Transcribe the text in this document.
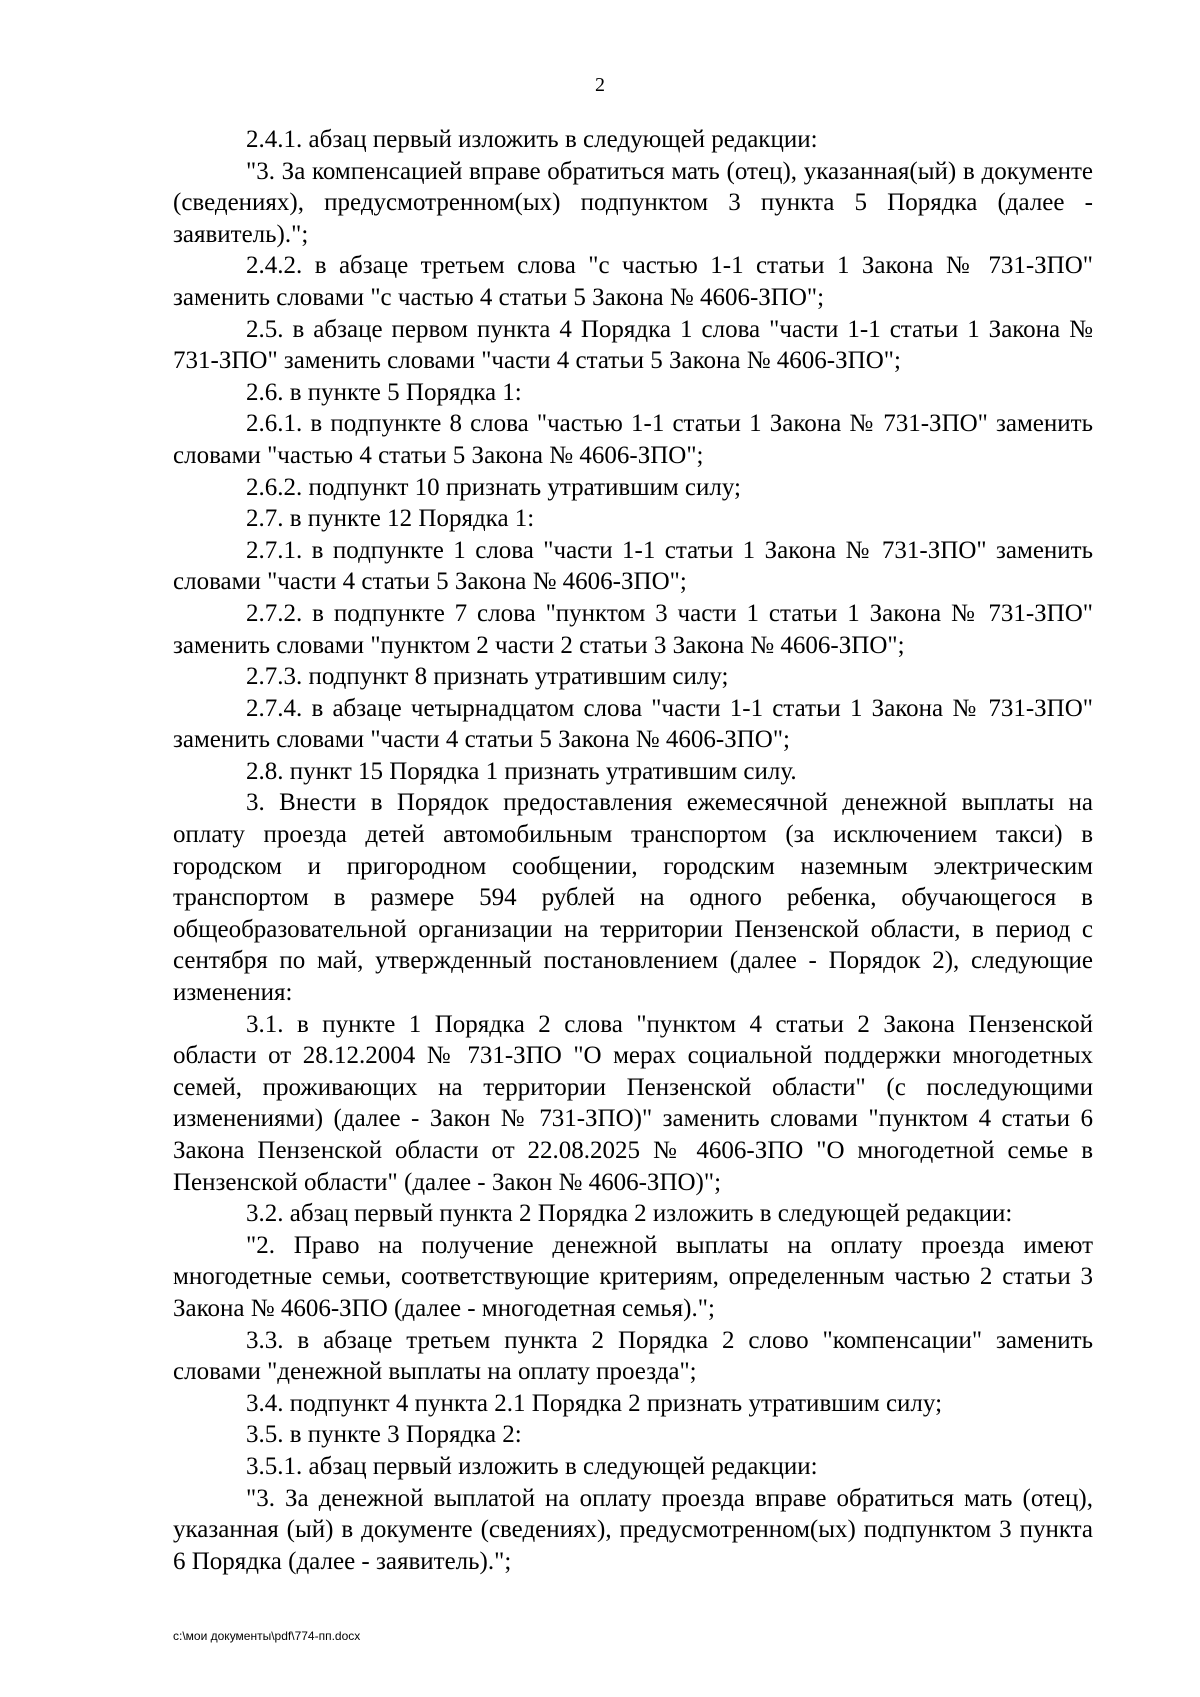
2

2.4.1. абзац первый изложить в следующей редакции:

"3. За компенсацией вправе обратиться мать (отец), указанная(ый) в документе (сведениях), предусмотренном(ых) подпунктом 3 пункта 5 Порядка (далее - заявитель).";

2.4.2. в абзаце третьем слова "с частью 1-1 статьи 1 Закона № 731-ЗПО" заменить словами "с частью 4 статьи 5 Закона № 4606-ЗПО";

2.5. в абзаце первом пункта 4 Порядка 1 слова "части 1-1 статьи 1 Закона № 731-ЗПО" заменить словами "части 4 статьи 5 Закона № 4606-ЗПО";

2.6. в пункте 5 Порядка 1:

2.6.1. в подпункте 8 слова "частью 1-1 статьи 1 Закона № 731-ЗПО" заменить словами "частью 4 статьи 5 Закона № 4606-ЗПО";

2.6.2. подпункт 10 признать утратившим силу;

2.7. в пункте 12 Порядка 1:

2.7.1. в подпункте 1 слова "части 1-1 статьи 1 Закона № 731-ЗПО" заменить словами "части 4 статьи 5 Закона № 4606-ЗПО";

2.7.2. в подпункте 7 слова "пунктом 3 части 1 статьи 1 Закона № 731-ЗПО" заменить словами "пунктом 2 части 2 статьи 3 Закона № 4606-ЗПО";

2.7.3. подпункт 8 признать утратившим силу;

2.7.4. в абзаце четырнадцатом слова "части 1-1 статьи 1 Закона № 731-ЗПО" заменить словами "части 4 статьи 5 Закона № 4606-ЗПО";

2.8. пункт 15 Порядка 1 признать утратившим силу.

3. Внести в Порядок предоставления ежемесячной денежной выплаты на оплату проезда детей автомобильным транспортом (за исключением такси) в городском и пригородном сообщении, городским наземным электрическим транспортом в размере 594 рублей на одного ребенка, обучающегося в общеобразовательной организации на территории Пензенской области, в период с сентября по май, утвержденный постановлением (далее - Порядок 2), следующие изменения:

3.1. в пункте 1 Порядка 2 слова "пунктом 4 статьи 2 Закона Пензенской области от 28.12.2004 № 731-ЗПО "О мерах социальной поддержки многодетных семей, проживающих на территории Пензенской области" (с последующими изменениями) (далее - Закон № 731-ЗПО)" заменить словами "пунктом 4 статьи 6 Закона Пензенской области от 22.08.2025 № 4606-ЗПО "О многодетной семье в Пензенской области" (далее - Закон № 4606-ЗПО)";

3.2. абзац первый пункта 2 Порядка 2 изложить в следующей редакции:

"2. Право на получение денежной выплаты на оплату проезда имеют многодетные семьи, соответствующие критериям, определенным частью 2 статьи 3 Закона № 4606-ЗПО (далее - многодетная семья).";

3.3. в абзаце третьем пункта 2 Порядка 2 слово "компенсации" заменить словами "денежной выплаты на оплату проезда";

3.4. подпункт 4 пункта 2.1 Порядка 2 признать утратившим силу;

3.5. в пункте 3 Порядка 2:

3.5.1. абзац первый изложить в следующей редакции:

"3. За денежной выплатой на оплату проезда вправе обратиться мать (отец), указанная (ый) в документе (сведениях), предусмотренном(ых) подпунктом 3 пункта 6 Порядка (далее - заявитель).";

c:\мои документы\pdf\774-пп.docx
